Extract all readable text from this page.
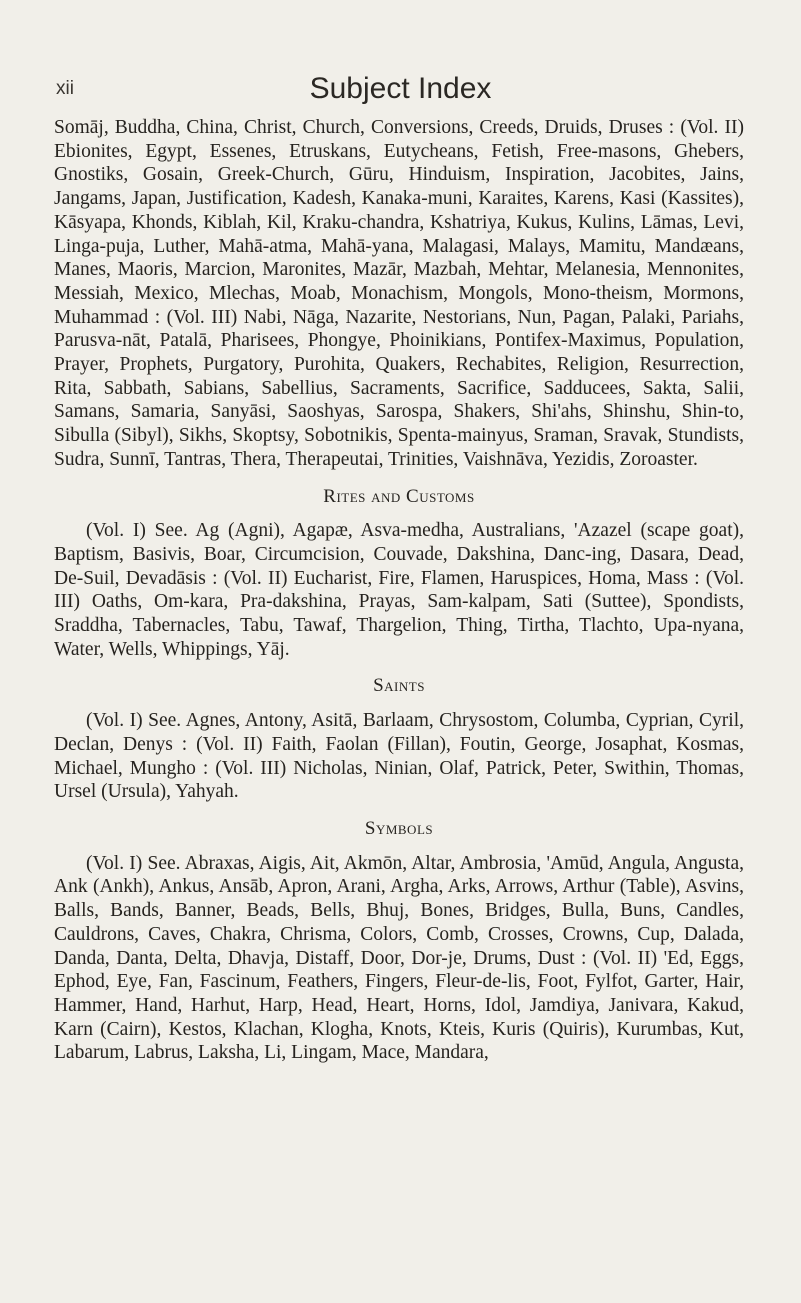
xii	Subject Index

Somāj, Buddha, China, Christ, Church, Conversions, Creeds, Druids, Druses : (Vol. II) Ebionites, Egypt, Essenes, Etruskans, Eutycheans, Fetish, Free-masons, Ghebers, Gnostiks, Gosain, Greek-Church, Gūru, Hinduism, Inspiration, Jacobites, Jains, Jangams, Japan, Justification, Kadesh, Kanaka-muni, Karaites, Karens, Kasi (Kassites), Kāsyapa, Khonds, Kiblah, Kil, Kraku-chandra, Kshatriya, Kukus, Kulins, Lāmas, Levi, Linga-puja, Luther, Mahā-atma, Mahā-yana, Malagasi, Malays, Mamitu, Mandæans, Manes, Maoris, Marcion, Maronites, Mazār, Mazbah, Mehtar, Melanesia, Mennonites, Messiah, Mexico, Mlechas, Moab, Monachism, Mongols, Mono-theism, Mormons, Muhammad : (Vol. III) Nabi, Nāga, Nazarite, Nestorians, Nun, Pagan, Palaki, Pariahs, Parusva-nāt, Patalā, Pharisees, Phongye, Phoinikians, Pontifex-Maximus, Population, Prayer, Prophets, Purgatory, Purohita, Quakers, Rechabites, Religion, Resurrection, Rita, Sabbath, Sabians, Sabellius, Sacraments, Sacrifice, Sadducees, Sakta, Salii, Samans, Samaria, Sanyāsi, Saoshyas, Sarospa, Shakers, Shi'ahs, Shinshu, Shin-to, Sibulla (Sibyl), Sikhs, Skoptsy, Sobotnikis, Spenta-mainyus, Sraman, Sravak, Stundists, Sudra, Sunnī, Tantras, Thera, Therapeutai, Trinities, Vaishnāva, Yezidis, Zoroaster.

Rites and Customs

(Vol. I) See. Ag (Agni), Agapæ, Asva-medha, Australians, 'Azazel (scape goat), Baptism, Basivis, Boar, Circumcision, Couvade, Dakshina, Danc-ing, Dasara, Dead, De-Suil, Devadāsis : (Vol. II) Eucharist, Fire, Flamen, Haruspices, Homa, Mass : (Vol. III) Oaths, Om-kara, Pra-dakshina, Prayas, Sam-kalpam, Sati (Suttee), Spondists, Sraddha, Tabernacles, Tabu, Tawaf, Thargelion, Thing, Tirtha, Tlachto, Upa-nyana, Water, Wells, Whippings, Yāj.

Saints

(Vol. I) See. Agnes, Antony, Asitā, Barlaam, Chrysostom, Columba, Cyprian, Cyril, Declan, Denys : (Vol. II) Faith, Faolan (Fillan), Foutin, George, Josaphat, Kosmas, Michael, Mungho : (Vol. III) Nicholas, Ninian, Olaf, Patrick, Peter, Swithin, Thomas, Ursel (Ursula), Yahyah.

Symbols

(Vol. I) See. Abraxas, Aigis, Ait, Akmōn, Altar, Ambrosia, 'Amūd, Angula, Angusta, Ank (Ankh), Ankus, Ansāb, Apron, Arani, Argha, Arks, Arrows, Arthur (Table), Asvins, Balls, Bands, Banner, Beads, Bells, Bhuj, Bones, Bridges, Bulla, Buns, Candles, Cauldrons, Caves, Chakra, Chrisma, Colors, Comb, Crosses, Crowns, Cup, Dalada, Danda, Danta, Delta, Dhavja, Distaff, Door, Dor-je, Drums, Dust : (Vol. II) 'Ed, Eggs, Ephod, Eye, Fan, Fascinum, Feathers, Fingers, Fleur-de-lis, Foot, Fylfot, Garter, Hair, Hammer, Hand, Harhut, Harp, Head, Heart, Horns, Idol, Jamdiya, Janivara, Kakud, Karn (Cairn), Kestos, Klachan, Klogha, Knots, Kteis, Kuris (Quiris), Kurumbas, Kut, Labarum, Labrus, Laksha, Li, Lingam, Mace, Mandara,
